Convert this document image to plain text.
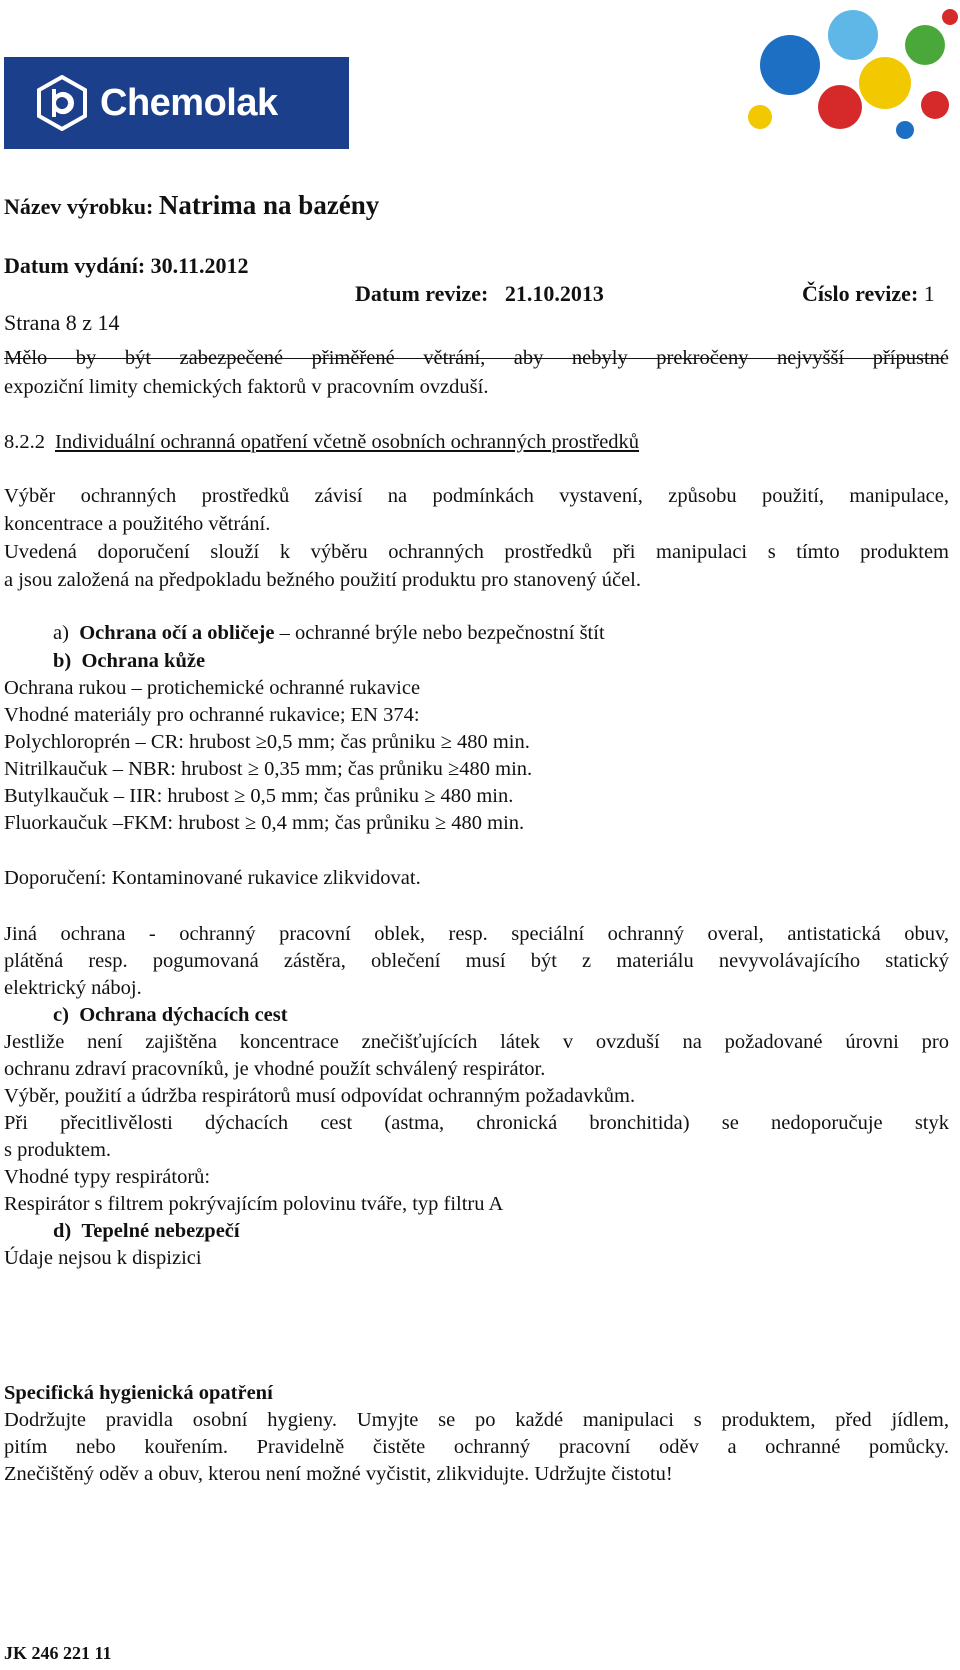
Chemolak
Název výrobku: Natrima na bazény
Datum vydání: 30.11.2012
Datum revize: 21.10.2013	Číslo revize: 1
Strana 8 z 14
Mělo by být zabezpečené přiměřené větrání, aby nebyly prekročeny nejvyšší přípustné
expoziční limity chemických faktorů v pracovním ovzduší.
8.2.2 Individuální ochranná opatření včetně osobních ochranných prostředků
Výběr ochranných prostředků závisí na podmínkách vystavení, způsobu použití, manipulace,
koncentrace a použitého větrání.
Uvedená doporučení slouží k výběru ochranných prostředků při manipulaci s tímto produktem
a jsou založená na předpokladu bežného použití produktu pro stanovený účel.
a) Ochrana očí a obličeje – ochranné brýle nebo bezpečnostní štít
b) Ochrana kůže
Ochrana rukou – protichemické ochranné rukavice
Vhodné materiály pro ochranné rukavice; EN 374:
Polychloroprén – CR: hrubost ≥0,5 mm; čas průniku ≥ 480 min.
Nitrilkaučuk – NBR: hrubost ≥ 0,35 mm; čas průniku ≥480 min.
Butylkaučuk – IIR: hrubost ≥ 0,5 mm; čas průniku ≥ 480 min.
Fluorkaučuk –FKM: hrubost ≥ 0,4 mm; čas průniku ≥ 480 min.
Doporučení: Kontaminované rukavice zlikvidovat.
Jiná ochrana - ochranný pracovní oblek, resp. speciální ochranný overal, antistatická obuv,
plátěná resp. pogumovaná zástěra, oblečení musí být z materiálu nevyvolávajícího statický
elektrický náboj.
c) Ochrana dýchacích cest
Jestliže není zajištěna koncentrace znečišťujících látek v ovzduší na požadované úrovni pro
ochranu zdraví pracovníků, je vhodné použít schválený respirátor.
Výběr, použití a údržba respirátorů musí odpovídat ochranným požadavkům.
Při přecitlivělosti dýchacích cest (astma, chronická bronchitida) se nedoporučuje styk
s produktem.
Vhodné typy respirátorů:
Respirátor s filtrem pokrývajícím polovinu tváře, typ filtru A
d) Tepelné nebezpečí
Údaje nejsou k dispizici
Specifická hygienická opatření
Dodržujte pravidla osobní hygieny. Umyjte se po každé manipulaci s produktem, před jídlem,
pitím nebo kouřením. Pravidelně čistěte ochranný pracovní oděv a ochranné pomůcky.
Znečištěný oděv a obuv, kterou není možné vyčistit, zlikvidujte. Udržujte čistotu!
JK 246 221 11
